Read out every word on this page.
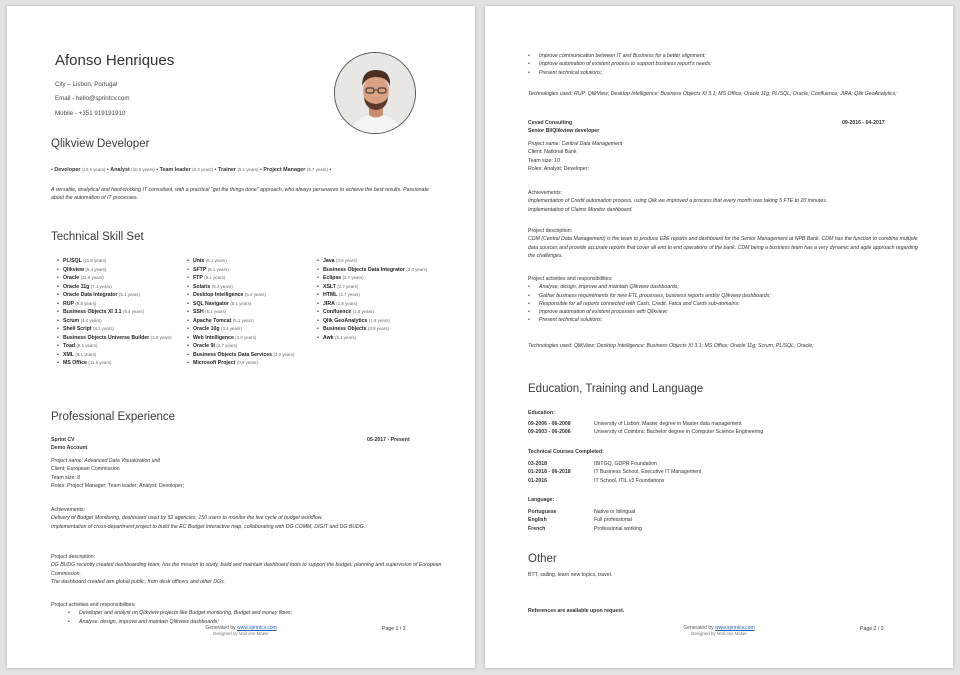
Afonso Henriques
City – Lisbon, Portugal
Email - hello@sprintcv.com
Mobile - +351 919191910
Qlikview Developer
• Developer (10.5 years) • Analyst (10.5 years) • Team leader (8.3 years) • Trainer (5.1 years) • Project Manager (5.7 years) •
A versatile, analytical and hard-working IT consultant, with a practical "get the things done" approach, who always perseveres to achieve the best results. Passionate about the automation of IT processes.
Technical Skill Set
• PL/SQL (11.6 years)
• Qlikview (5.4 years)
• Oracle (11.6 years)
• Oracle 11g (7.1 years)
• Oracle Data Integrator (5.1 years)
• RUP (9.8 years)
• Business Objects XI 3.1 (5.4 years)
• Scrum (4.4 years)
• Shell Script (8.1 years)
• Business Objects Universe Builder (3.8 years)
• Toad (8.1 years)
• XML (8.1 years)
• MS Office (11.6 years)
• Unix (8.1 years)
• SFTP (8.1 years)
• FTP (8.1 years)
• Solaris (5.4 years)
• Desktop Intelligence (5.4 years)
• SQL Navigator (5.1 years)
• SSH (5.1 years)
• Apache Tomcat (5.1 years)
• Oracle 10g (3.4 years)
• Web Intelligence (3.0 years)
• Oracle 9i (2.7 years)
• Business Objects Data Services (3.0 years)
• Microsoft Project (0.8 years)
• Java (3.8 years)
• Business Objects Data Integrator (3.0 years)
• Eclipse (2.7 years)
• XSLT (2.7 years)
• HTML (2.7 years)
• JIRA (1.8 years)
• Confluence (1.8 years)
• Qlik GeoAnalytics (1.8 years)
• Business Objects (0.8 years)
• Awk (5.1 years)
Professional Experience
Sprint CV	05-2017 - Present
Demo Account
Project name: Advanced Data Visualization unit
Client: European Commission
Team size: 8
Roles: Project Manager; Team leader; Analyst; Developer;
Achievements:
Delivery of Budget Monitoring, dashboard used by 52 agencies, 150 users to monitor the live cycle of budget workflow.
Implementation of cross-department project to build the EC Budget Interactive map, collaborating with DG COMM, DIGIT and DG BUDG.
Project description:
DG BUDG recently created dashboarding team, has the mission to study, build and maintain dashboard tools to support the budget, planning and supervision of European Commission.
The dashboard created aim global public, from desk officers and other DGs.
Project activities and responsibilities:
• Developer and analyst on Qlikview projects like Budget monitoring, Budget and money flows;
• Analyse, design, improve and maintain Qlikview dashboards;
Generated by www.sprintcv.com
Designed by Mail-ase Maker
Page 1 / 2
• Improve communication between IT and Business for a better alignment;
• Improve automation of existent process to support business report's needs;
• Present technical solutions;
Technologies used: RUP; QlikView; Desktop Intelligence; Business Objects XI 3.1; MS Office; Oracle 11g; PL/SQL; Oracle; Confluence; JIRA; Qlik GeoAnalytics;
Cevad Consulting	09-2016 - 04-2017
Senior BI/Qlikview developer
Project name: Central Data Management
Client: National Bank
Team size: 10
Roles: Analyst; Developer;
Achievements:
Implementation of Credit automation process, using Qlik we improved a process that every month was taking 5 FTE to 20 minutes.
Implementation of Claims Monitor dashboard.
Project description:
CDM (Central Data Management) is the team to produce E2E reports and dashboard for the Senior Management at NPB Bank. CDM has the function to combine multiple data sources and provide accurate reports that cover all end to end operations of the bank. CDM being a business team has a very dynamic and agile approach regarding the challenges.
Project activities and responsibilities:
• Analyse, design, improve and maintain Qlikview dashboards;
• Gather business requirements for new ETL processes, business reports and/or Qlikview dashboards;
• Responsible for all reports connected with Cash, Credit, Fatca and Cards sub-domains;
• Improve automation of existent processes with Qlikview;
• Present technical solutions;
Technologies used: QlikView; Desktop Intelligence; Business Objects XI 3.1; MS Office; Oracle 11g; Scrum; PL/SQL; Oracle;
Education, Training and Language
Education:
09-2006 - 06-2008	University of Lisbon: Master degree in Master data management
09-2003 - 06-2006	University of Coimbra: Bachelor degree in Computer Science Engineering
Technical Courses Completed:
03-2018	IBITGQ, GDPR Foundation
01-2018 - 06-2018	IT Business School, Executive IT Management
01-2016	IT School, ITIL v3 Foundations
Language:
Portuguese	Native or bilingual
English	Full professional
French	Professional working
Other
BTT, sailing, learn new topics, travel.
References are available upon request.
Generated by www.sprintcv.com
Designed by Mail-ase Maker
Page 2 / 2
